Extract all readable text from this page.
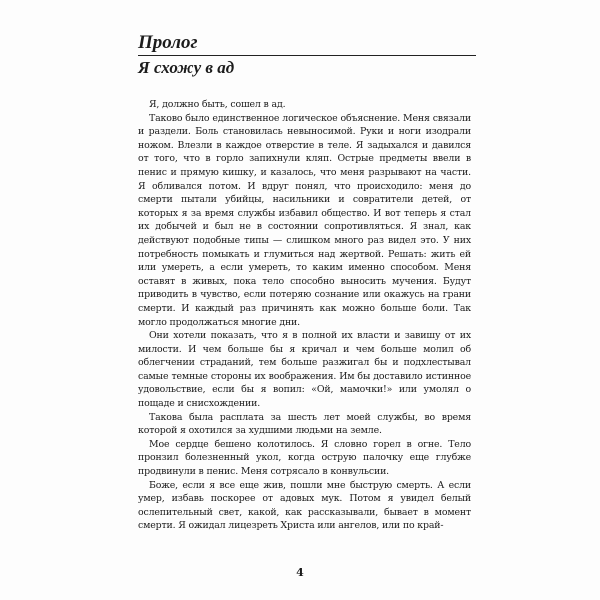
Пролог
Я схожу в ад

Я, должно быть, сошел в ад.

Таково было единственное логическое объяснение. Меня связали и раздели. Боль становилась невыносимой. Руки и ноги изодрали ножом. Влезли в каждое отверстие в теле. Я задыхался и давился от того, что в горло запихнули кляп. Острые предметы ввели в пенис и прямую кишку, и казалось, что меня разрывают на части. Я обливался потом. И вдруг понял, что происходило: меня до смерти пытали убийцы, насильники и совратители детей, от которых я за время службы избавил общество. И вот теперь я стал их добычей и был не в состоянии сопротивляться. Я знал, как действуют подобные типы — слишком много раз видел это. У них потребность помыкать и глумиться над жертвой. Решать: жить ей или умереть, а если умереть, то каким именно способом. Меня оставят в живых, пока тело способно выносить мучения. Будут приводить в чувство, если потеряю сознание или окажусь на грани смерти. И каждый раз причинять как можно больше боли. Так могло продолжаться многие дни.

Они хотели показать, что я в полной их власти и завишу от их милости. И чем больше бы я кричал и чем больше молил об облегчении страданий, тем больше разжигал бы и подхлестывал самые темные стороны их воображения. Им бы доставило истинное удовольствие, если бы я вопил: «Ой, мамочки!» или умолял о пощаде и снисхождении.

Такова была расплата за шесть лет моей службы, во время которой я охотился за худшими людьми на земле.

Мое сердце бешено колотилось. Я словно горел в огне. Тело пронзил болезненный укол, когда острую палочку еще глубже продвинули в пенис. Меня сотрясало в конвульсии.

Боже, если я все еще жив, пошли мне быструю смерть. А если умер, избавь поскорее от адовых мук. Потом я увидел белый ослепительный свет, какой, как рассказывали, бывает в момент смерти. Я ожидал лицезреть Христа или ангелов, или по край-

4
